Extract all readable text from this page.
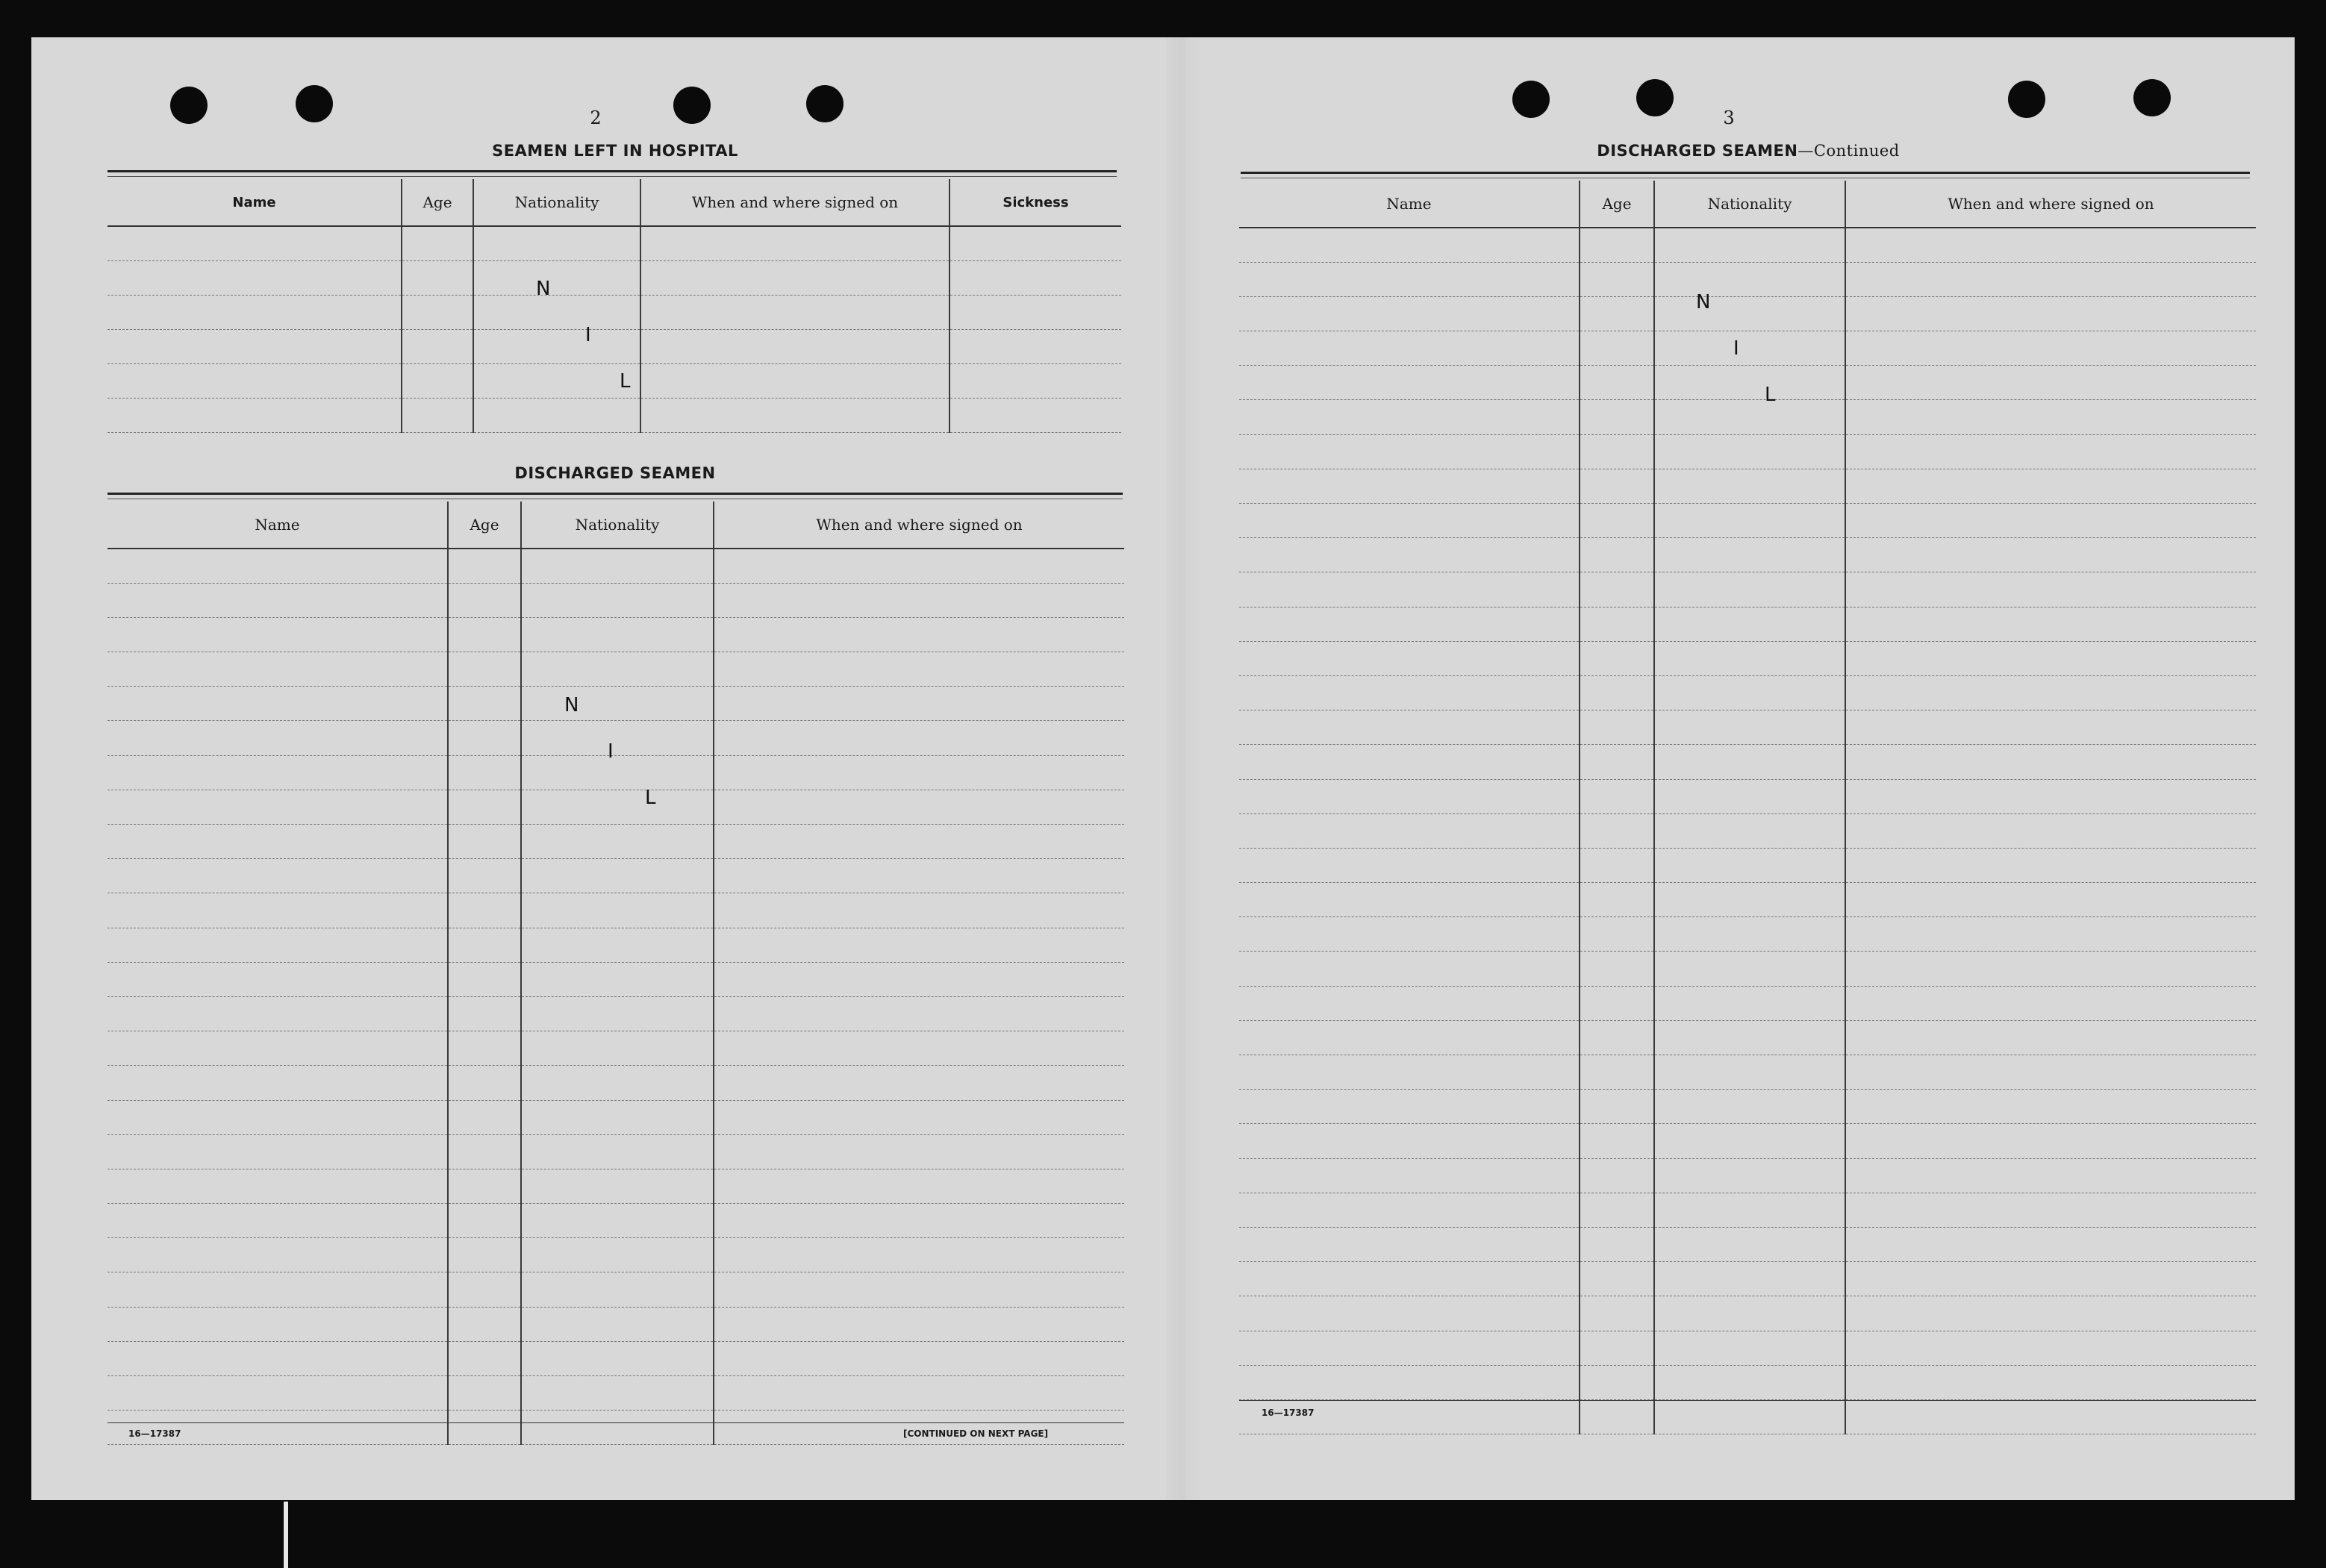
2
SEAMEN LEFT IN HOSPITAL
Name	Age	Nationality	When and where signed on	Sickness

N
I
L
DISCHARGED SEAMEN
Name	Age	Nationality	When and where signed on

N
I
L
16—17387	[CONTINUED ON NEXT PAGE]
3
DISCHARGED SEAMEN—Continued
Name	Age	Nationality	When and where signed on

N
I
L
16—17387
